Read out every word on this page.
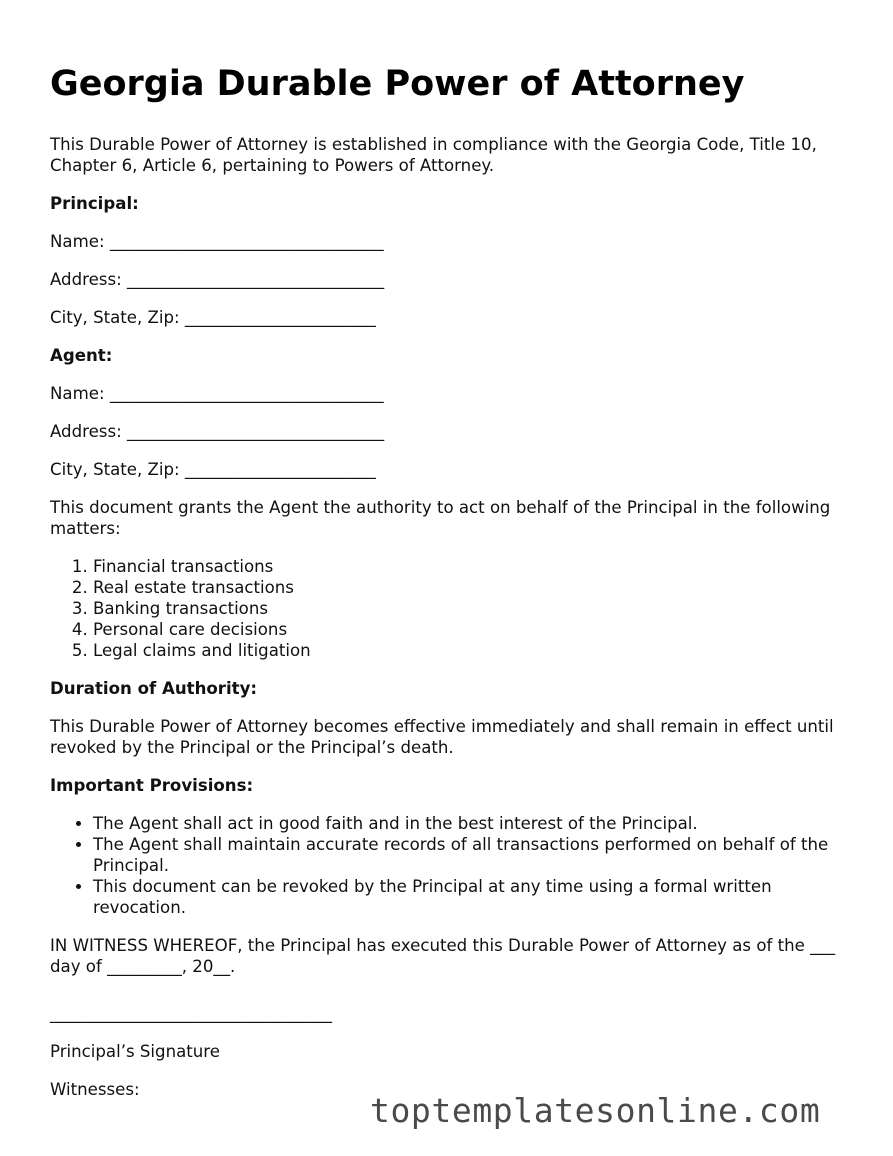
Georgia Durable Power of Attorney

This Durable Power of Attorney is established in compliance with the Georgia Code, Title 10, Chapter 6, Article 6, pertaining to Powers of Attorney.

Principal:

Name: _________________________________

Address: _______________________________

City, State, Zip: _______________________

Agent:

Name: _________________________________

Address: _______________________________

City, State, Zip: _______________________

This document grants the Agent the authority to act on behalf of the Principal in the following matters:

1. Financial transactions
2. Real estate transactions
3. Banking transactions
4. Personal care decisions
5. Legal claims and litigation

Duration of Authority:

This Durable Power of Attorney becomes effective immediately and shall remain in effect until revoked by the Principal or the Principal’s death.

Important Provisions:

• The Agent shall act in good faith and in the best interest of the Principal.
• The Agent shall maintain accurate records of all transactions performed on behalf of the Principal.
• This document can be revoked by the Principal at any time using a formal written revocation.

IN WITNESS WHEREOF, the Principal has executed this Durable Power of Attorney as of the ___ day of _________, 20__.

__________________________________

Principal’s Signature

Witnesses:

toptemplatesonline.com
